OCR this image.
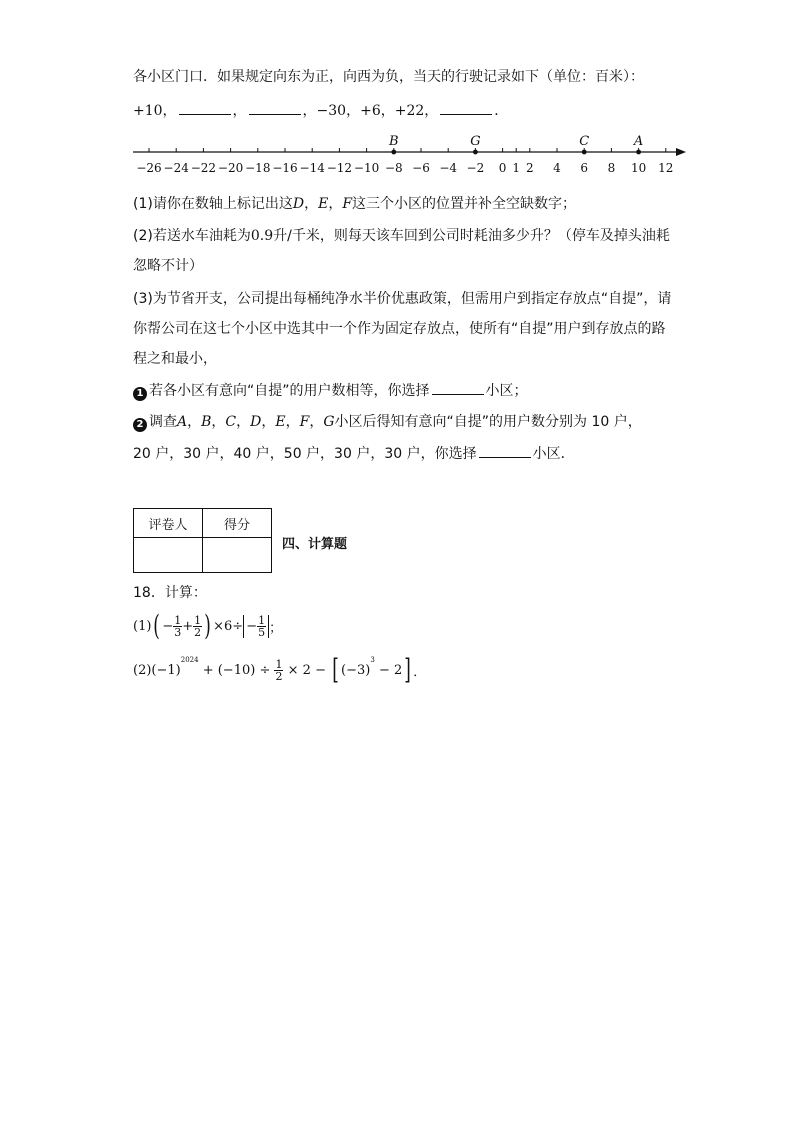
各小区门口．如果规定向东为正，向西为负，当天的行驶记录如下（单位：百米）：
+10，	，	，−30，+6，+22，	．
−26 −24 −22 −20 −18 −16 −14 −12 −10 −8 −6 −4 −2 0 1 2 4 6 8 10 12
B	G	C	A
(1)请你在数轴上标记出这D，E，F这三个小区的位置并补全空缺数字；
(2)若送水车油耗为0.9升/千米，则每天该车回到公司时耗油多少升？（停车及掉头油耗
忽略不计）
(3)为节省开支，公司提出每桶纯净水半价优惠政策，但需用户到指定存放点“自提”，请
你帮公司在这七个小区中选其中一个作为固定存放点，使所有“自提”用户到存放点的路
程之和最小，
1 若各小区有意向“自提”的用户数相等，你选择	小区；
2 调查A，B，C，D，E，F，G小区后得知有意向“自提”的用户数分别为 10 户，
20 户，30 户，40 户，50 户，30 户，30 户，你选择	小区．
评卷人	得分

四、计算题
18．计算：
(1) ( − $\frac{1}{3} + \frac{1}{2}$ ) × 6 ÷ − $\frac{1}{5}$ ；
(2) (− 1 )
$^{2024}$
+ (− 10 ) ÷ $\frac{1}{2} \times 2$ − [ (− 3 )
$^3$
− 2 ] ．
